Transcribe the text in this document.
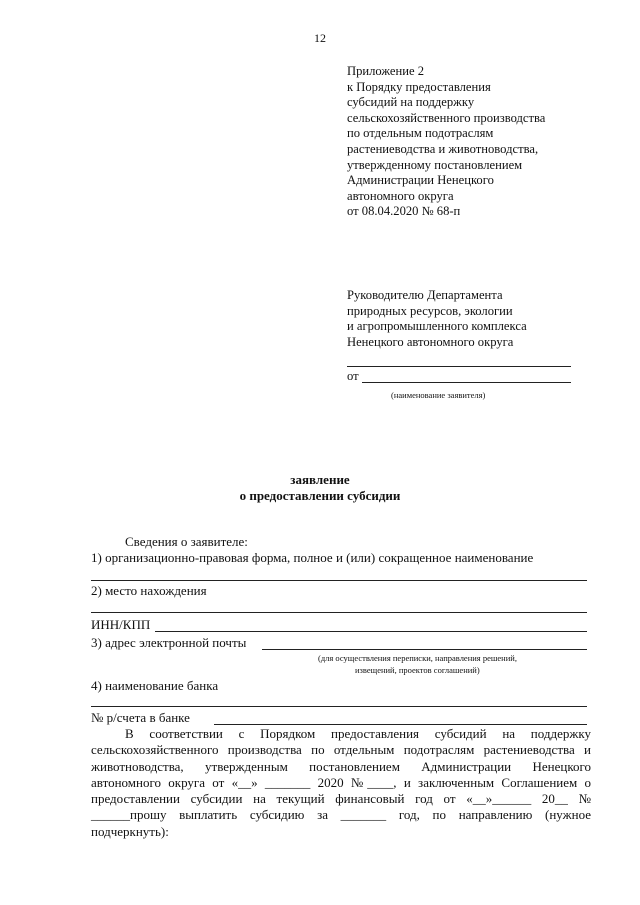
12
Приложение 2
к Порядку предоставления
субсидий на поддержку
сельскохозяйственного производства
по отдельным подотраслям
растениеводства и животноводства,
утвержденному постановлением
Администрации Ненецкого
автономного округа
от 08.04.2020 № 68-п
Руководителю Департамента
природных ресурсов, экологии
и агропромышленного комплекса
Ненецкого автономного округа
от
(наименование заявителя)
заявление
о предоставлении субсидии
Сведения о заявителе:
1) организационно-правовая форма, полное и (или) сокращенное наименование
2) место нахождения
ИНН/КПП
3) адрес электронной почты
(для осуществления переписки, направления решений,
извещений, проектов соглашений)
4) наименование банка
№ р/счета в банке
В соответствии с Порядком предоставления субсидий на поддержку сельскохозяйственного производства по отдельным подотраслям растениеводства и животноводства, утвержденным постановлением Администрации Ненецкого автономного округа от «__» _______ 2020 №____, и заключенным Соглашением о предоставлении субсидии на текущий финансовый год от «__»______ 20__ № ______прошу выплатить субсидию за _______ год, по направлению (нужное подчеркнуть):
